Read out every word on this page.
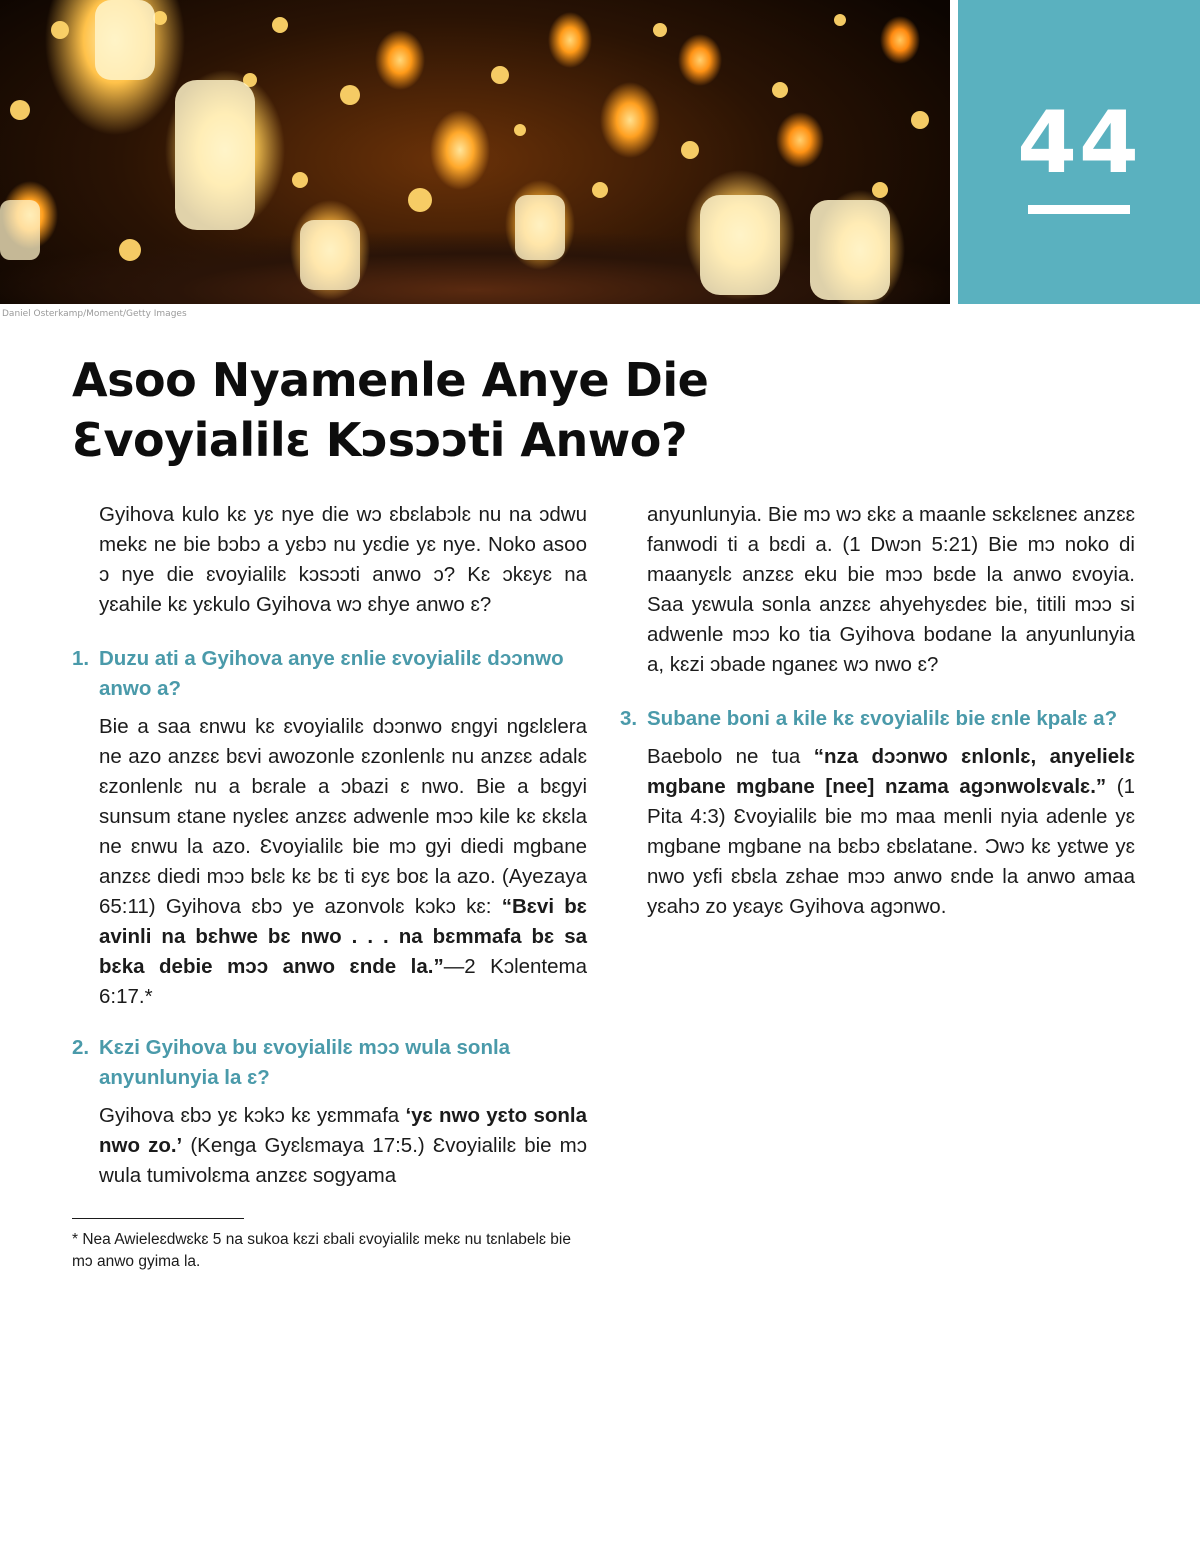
44
Daniel Osterkamp/Moment/Getty Images
Asoo Nyamenle Anye Die
Ɛvoyialilɛ Kɔsɔɔti Anwo?

Gyihova kulo kɛ yɛ nye die wɔ ɛbɛlabɔlɛ nu na ɔdwu mekɛ ne bie bɔbɔ a yɛbɔ nu yɛdie yɛ nye. Noko asoo ɔ nye die ɛvoyialilɛ kɔsɔɔti anwo ɔ? Kɛ ɔkɛyɛ na yɛahile kɛ yɛkulo Gyihova wɔ ɛhye anwo ɛ?

1. Duzu ati a Gyihova anye ɛnlie ɛvoyialilɛ dɔɔnwo anwo a?

Bie a saa ɛnwu kɛ ɛvoyialilɛ dɔɔnwo ɛngyi ngɛlɛlera ne azo anzɛɛ bɛvi awozonle ɛzonlenlɛ nu anzɛɛ adalɛ ɛzonlenlɛ nu a bɛrale a ɔbazi ɛ nwo. Bie a bɛgyi sunsum ɛtane nyɛleɛ anzɛɛ adwenle mɔɔ kile kɛ ɛkɛla ne ɛnwu la azo. Ɛvoyialilɛ bie mɔ gyi diedi mgbane anzɛɛ diedi mɔɔ bɛlɛ kɛ bɛ ti ɛyɛ boɛ la azo. (Ayezaya 65:11) Gyihova ɛbɔ ye azonvolɛ kɔkɔ kɛ: “Bɛvi bɛ avinli na bɛhwe bɛ nwo . . . na bɛmmafa bɛ sa bɛka debie mɔɔ anwo ɛnde la.”—2 Kɔlentema 6:17.*

2. Kɛzi Gyihova bu ɛvoyialilɛ mɔɔ wula sonla anyunlunyia la ɛ?

Gyihova ɛbɔ yɛ kɔkɔ kɛ yɛmmafa ‘yɛ nwo yɛto sonla nwo zo.’ (Kenga Gyɛlɛmaya 17:5.) Ɛvoyialilɛ bie mɔ wula tumivolɛma anzɛɛ sogyama

* Nea Awieleɛdwɛkɛ 5 na sukoa kɛzi ɛbali ɛvoyialilɛ mekɛ nu tɛnlabelɛ bie mɔ anwo gyima la.

anyunlunyia. Bie mɔ wɔ ɛkɛ a maanle sɛkɛlɛneɛ anzɛɛ fanwodi ti a bɛdi a. (1 Dwɔn 5:21) Bie mɔ noko di maanyɛlɛ anzɛɛ eku bie mɔɔ bɛde la anwo ɛvoyia. Saa yɛwula sonla anzɛɛ ahyehyɛdeɛ bie, titili mɔɔ si adwenle mɔɔ ko tia Gyihova bodane la anyunlunyia a, kɛzi ɔbade nganeɛ wɔ nwo ɛ?

3. Subane boni a kile kɛ ɛvoyialilɛ bie ɛnle kpalɛ a?

Baebolo ne tua “nza dɔɔnwo ɛnlonlɛ, anyelielɛ mgbane mgbane [nee] nzama agɔnwolɛvalɛ.” (1 Pita 4:3) Ɛvoyialilɛ bie mɔ maa menli nyia adenle yɛ mgbane mgbane na bɛbɔ ɛbɛlatane. Ɔwɔ kɛ yɛtwe yɛ nwo yɛfi ɛbɛla zɛhae mɔɔ anwo ɛnde la anwo amaa yɛahɔ zo yɛayɛ Gyihova agɔnwo.
